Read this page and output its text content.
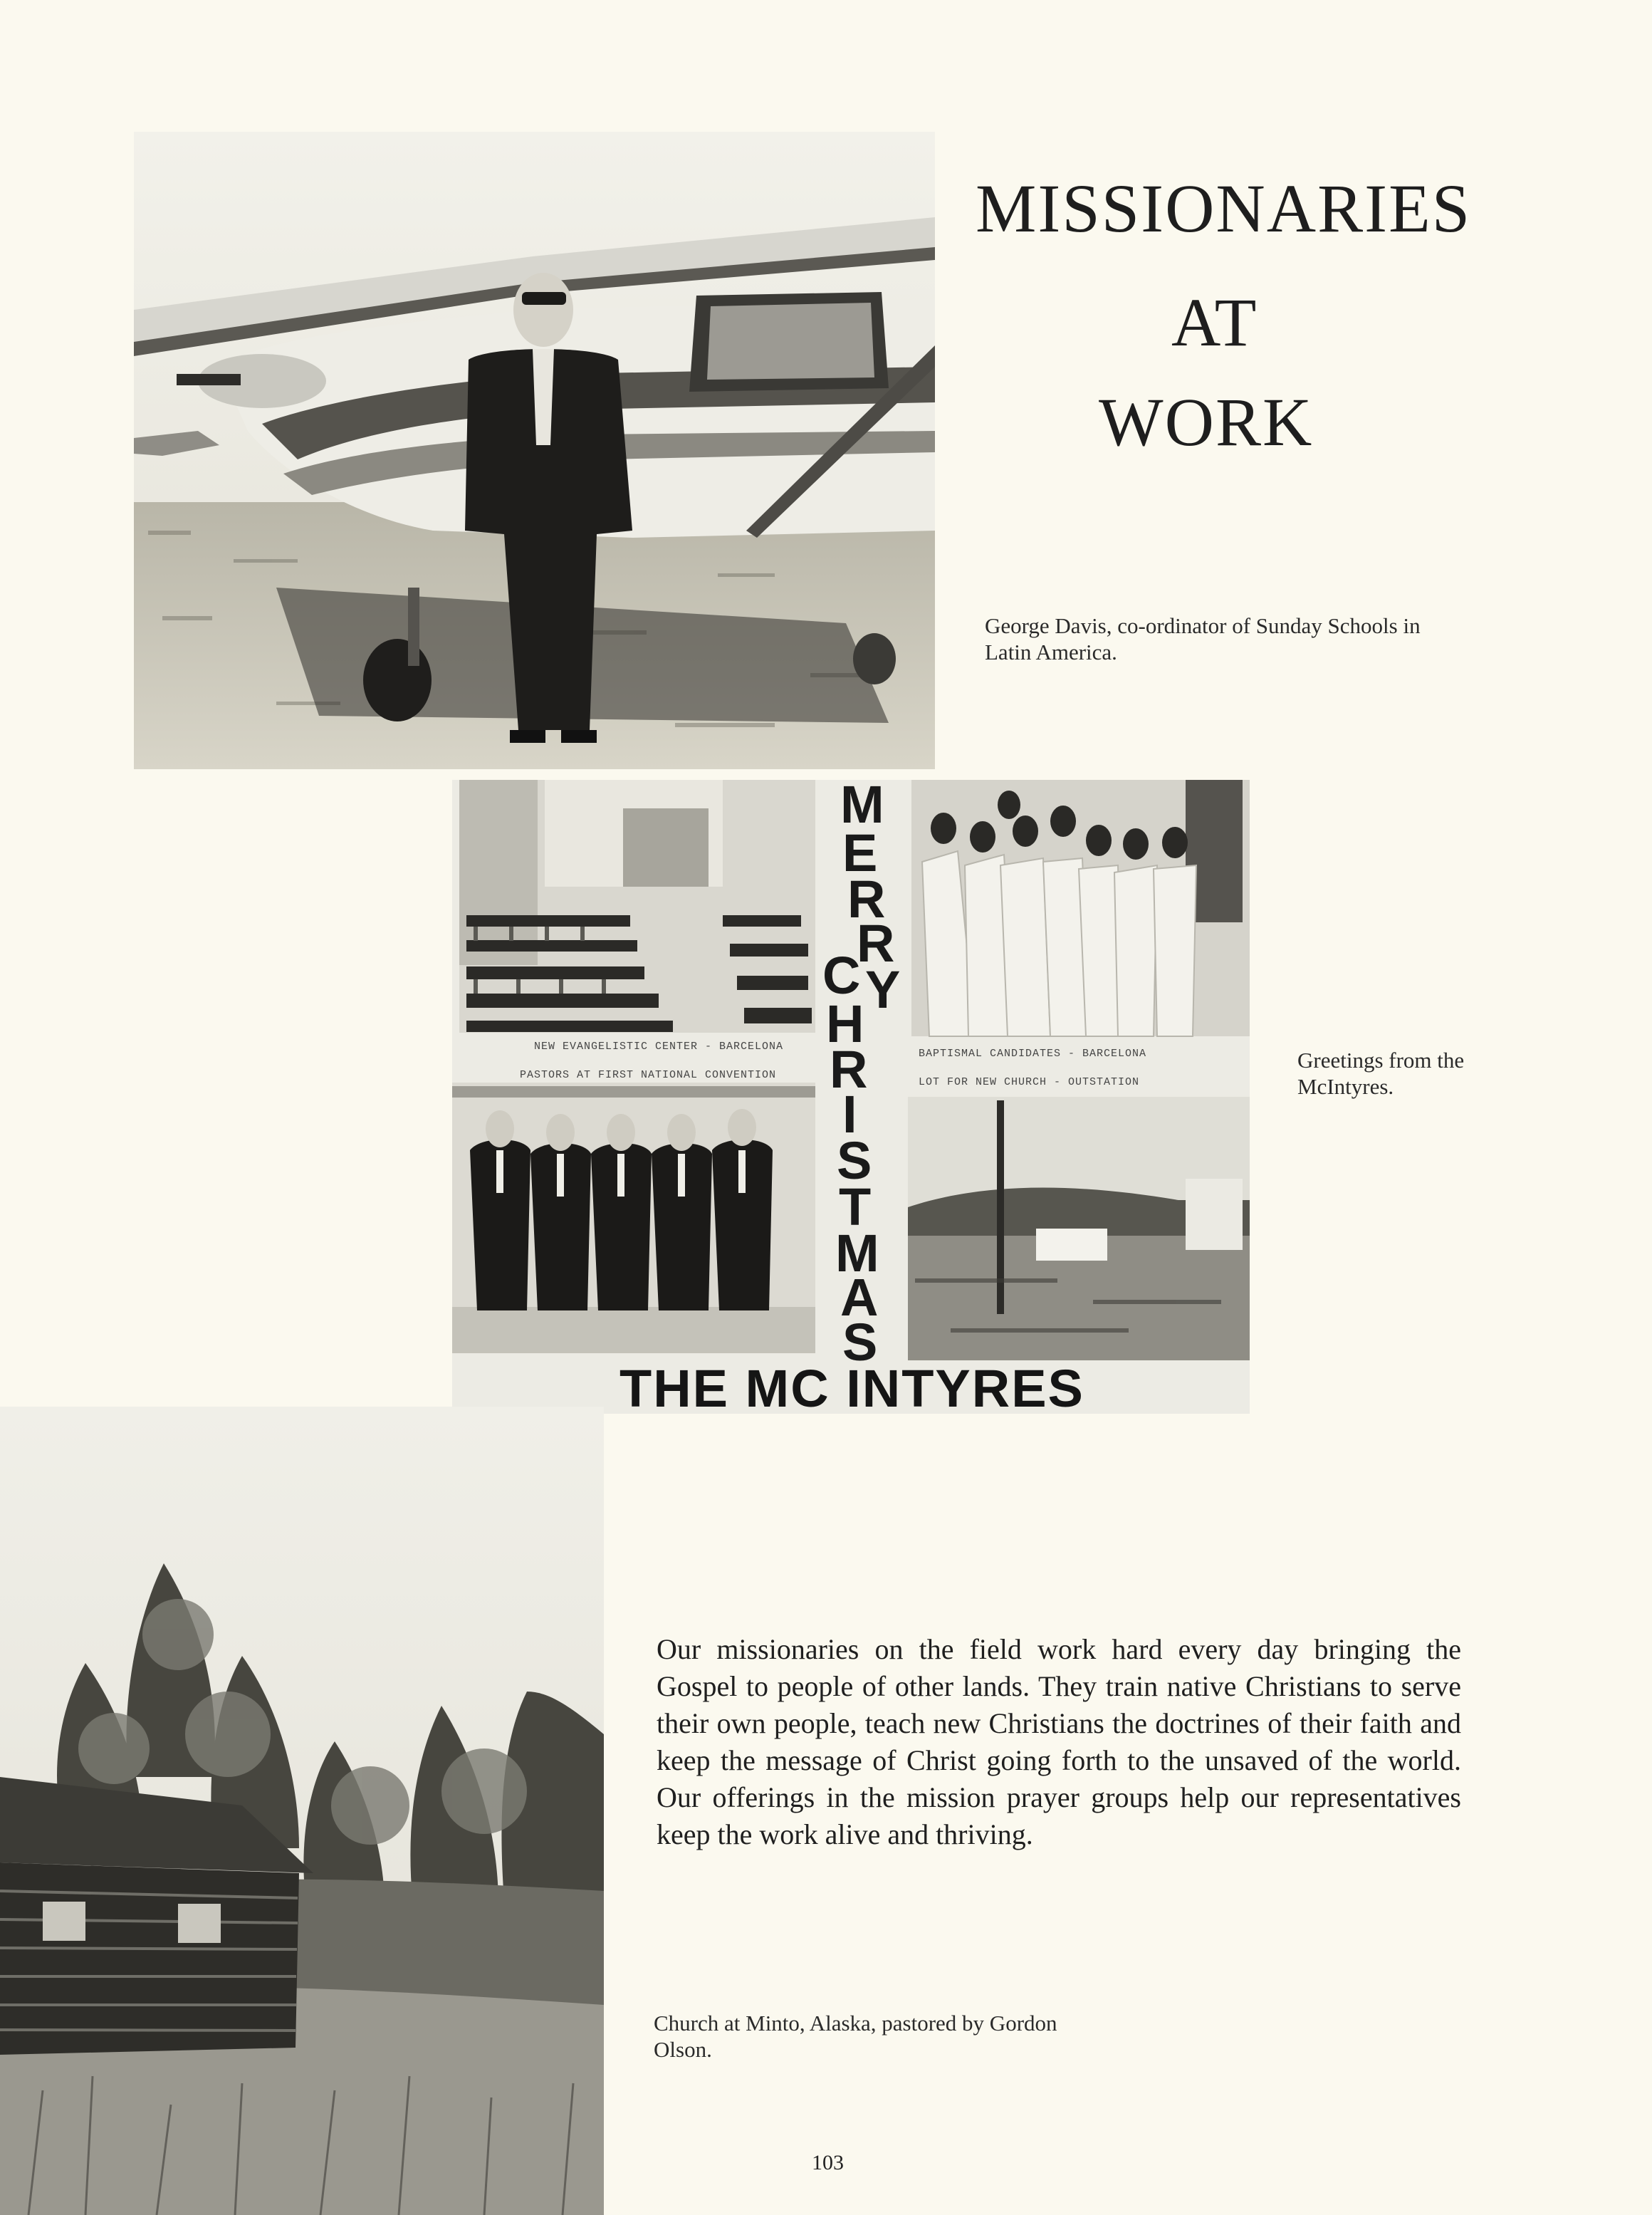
MISSIONARIES
AT
WORK
George Davis, co-ordinator of Sunday Schools in Latin America.
NEW EVANGELISTIC CENTER - BARCELONA
BAPTISMAL CANDIDATES - BARCELONA
PASTORS AT FIRST NATIONAL CONVENTION
LOT FOR NEW CHURCH - OUTSTATION
M
E
R
R
Y
C
H
R
I
S
T
M
A
S
THE MC INTYRES
Greetings from the McIntyres.
Our missionaries on the field work hard every day bringing the Gospel to people of other lands. They train native Christians to serve their own people, teach new Christians the doctrines of their faith and keep the message of Christ going forth to the unsaved of the world. Our offerings in the mission prayer groups help our representatives keep the work alive and thriving.
Church at Minto, Alaska, pastored by Gordon Olson.
103
